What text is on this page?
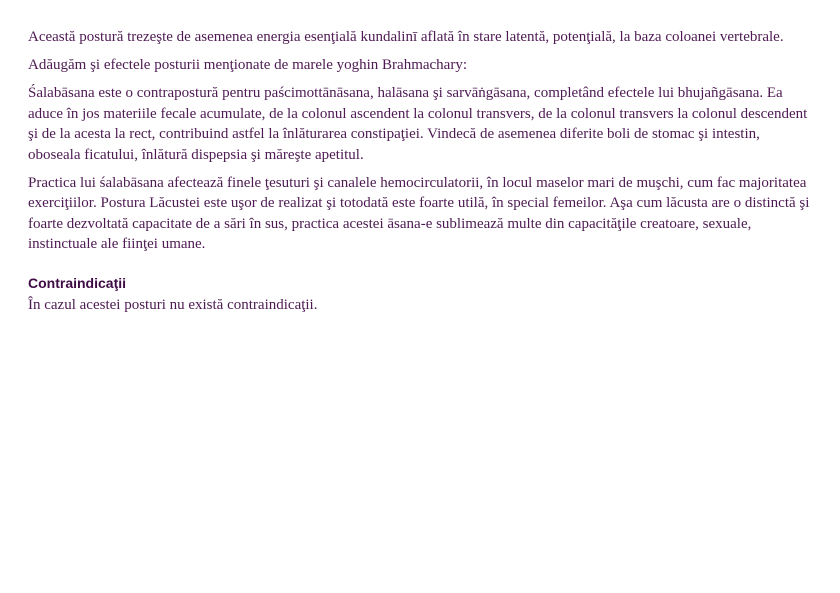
Această postură trezeşte de asemenea energia esenţială kundalinī aflată în stare latentă, potenţială, la baza coloanei vertebrale.

Adăugăm şi efectele posturii menţionate de marele yoghin Brahmachary:

Śalabāsana este o contrapostură pentru paścimottānāsana, halāsana şi sarvāṅgāsana, completând efectele lui bhujañgāsana. Ea aduce în jos materiile fecale acumulate, de la colonul ascendent la colonul transvers, de la colonul transvers la colonul descendent şi de la acesta la rect, contribuind astfel la înlăturarea constipaţiei. Vindecă de asemenea diferite boli de stomac şi intestin, oboseala ficatului, înlătură dispepsia şi măreşte apetitul.

Practica lui śalabāsana afectează finele ţesuturi şi canalele hemocirculatorii, în locul maselor mari de muşchi, cum fac majoritatea exerciţiilor. Postura Lăcustei este uşor de realizat şi totodată este foarte utilă, în special femeilor. Aşa cum lăcusta are o distinctă şi foarte dezvoltată capacitate de a sări în sus, practica acestei āsana-e sublimează multe din capacităţile creatoare, sexuale, instinctuale ale fiinţei umane.

Contraindicaţii

În cazul acestei posturi nu există contraindicaţii.
